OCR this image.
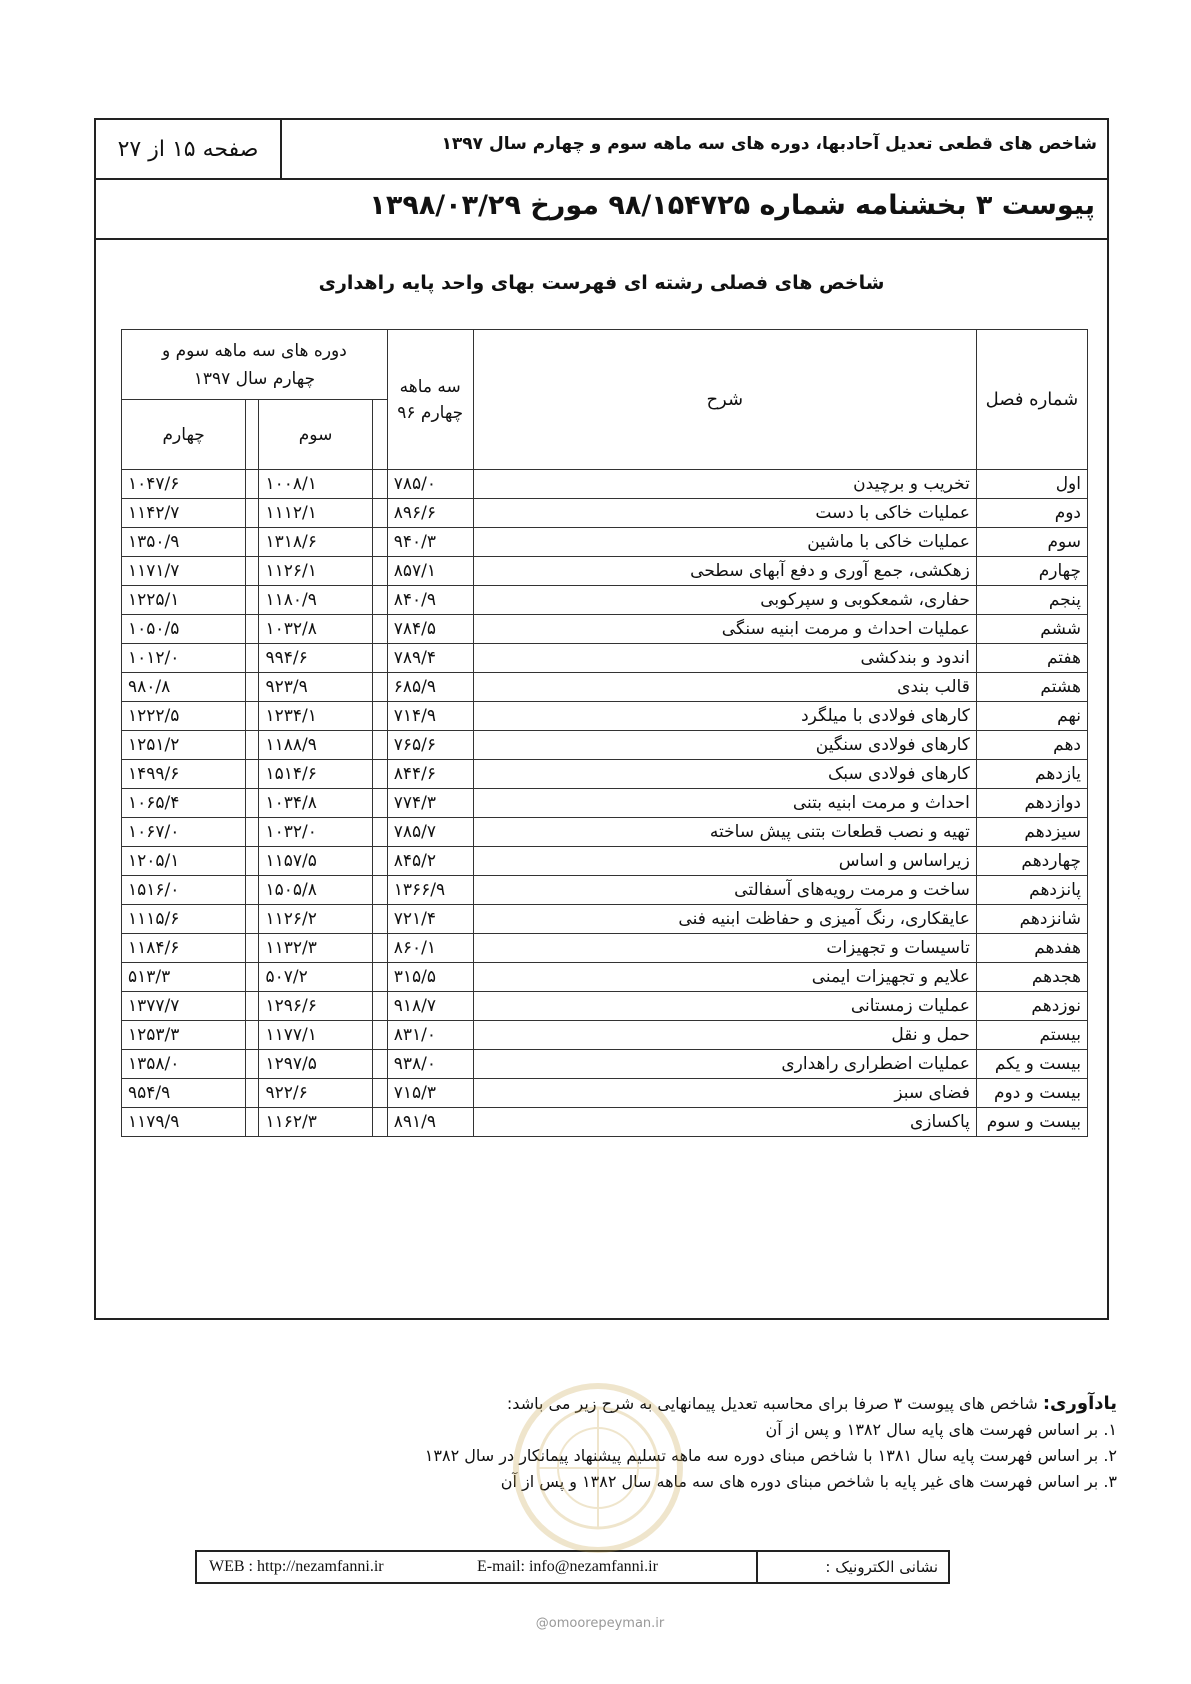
شاخص های قطعی تعدیل آحادبها، دوره های سه ماهه سوم و چهارم سال ۱۳۹۷
صفحه ۱۵ از ۲۷
پیوست ۳ بخشنامه شماره ۹۸/۱۵۴۷۲۵ مورخ ۱۳۹۸/۰۳/۲۹
شاخص های فصلی رشته ای فهرست بهای واحد پایه راهداری
شماره فصل	شرح	سه ماهه چهارم ۹۶	دوره های سه ماهه سوم و چهارم سال ۱۳۹۷			
				سوم		چهارم
اول	تخریب و برچیدن	۷۸۵/۰		۱۰۰۸/۱		۱۰۴۷/۶
دوم	عملیات خاکی با دست	۸۹۶/۶		۱۱۱۲/۱		۱۱۴۲/۷
سوم	عملیات خاکی با ماشین	۹۴۰/۳		۱۳۱۸/۶		۱۳۵۰/۹
چهارم	زهکشی، جمع آوری و دفع آبهای سطحی	۸۵۷/۱		۱۱۲۶/۱		۱۱۷۱/۷
پنجم	حفاری، شمعکوبی و سپرکوبی	۸۴۰/۹		۱۱۸۰/۹		۱۲۲۵/۱
ششم	عملیات احداث و مرمت ابنیه سنگی	۷۸۴/۵		۱۰۳۲/۸		۱۰۵۰/۵
هفتم	اندود و بندکشی	۷۸۹/۴		۹۹۴/۶		۱۰۱۲/۰
هشتم	قالب بندی	۶۸۵/۹		۹۲۳/۹		۹۸۰/۸
نهم	کارهای فولادی با میلگرد	۷۱۴/۹		۱۲۳۴/۱		۱۲۲۲/۵
دهم	کارهای فولادی سنگین	۷۶۵/۶		۱۱۸۸/۹		۱۲۵۱/۲
یازدهم	کارهای فولادی سبک	۸۴۴/۶		۱۵۱۴/۶		۱۴۹۹/۶
دوازدهم	احداث و مرمت ابنیه بتنی	۷۷۴/۳		۱۰۳۴/۸		۱۰۶۵/۴
سیزدهم	تهیه و نصب قطعات بتنی پیش ساخته	۷۸۵/۷		۱۰۳۲/۰		۱۰۶۷/۰
چهاردهم	زیراساس و اساس	۸۴۵/۲		۱۱۵۷/۵		۱۲۰۵/۱
پانزدهم	ساخت و مرمت رویه‌های آسفالتی	۱۳۶۶/۹		۱۵۰۵/۸		۱۵۱۶/۰
شانزدهم	عایقکاری، رنگ آمیزی و حفاظت ابنیه فنی	۷۲۱/۴		۱۱۲۶/۲		۱۱۱۵/۶
هفدهم	تاسیسات و تجهیزات	۸۶۰/۱		۱۱۳۲/۳		۱۱۸۴/۶
هجدهم	علایم و تجهیزات ایمنی	۳۱۵/۵		۵۰۷/۲		۵۱۳/۳
نوزدهم	عملیات زمستانی	۹۱۸/۷		۱۲۹۶/۶		۱۳۷۷/۷
بیستم	حمل و نقل	۸۳۱/۰		۱۱۷۷/۱		۱۲۵۳/۳
بیست و یکم	عملیات اضطراری راهداری	۹۳۸/۰		۱۲۹۷/۵		۱۳۵۸/۰
بیست و دوم	فضای سبز	۷۱۵/۳		۹۲۲/۶		۹۵۴/۹
بیست و سوم	پاکسازی	۸۹۱/۹		۱۱۶۲/۳		۱۱۷۹/۹
یادآوری: شاخص های پیوست ۳ صرفا برای محاسبه تعدیل پیمانهایی به شرح زیر می باشد:
۱. بر اساس فهرست های پایه سال ۱۳۸۲ و پس از آن
۲. بر اساس فهرست پایه سال ۱۳۸۱ با شاخص مبنای دوره سه ماهه تسلیم پیشنهاد پیمانکار در سال ۱۳۸۲
۳. بر اساس فهرست های غیر پایه با شاخص مبنای دوره های سه ماهه سال ۱۳۸۲ و پس از آن
نشانی الکترونیک :
E-mail: info@nezamfanni.ir
WEB : http://nezamfanni.ir
@omoorepeyman.ir
